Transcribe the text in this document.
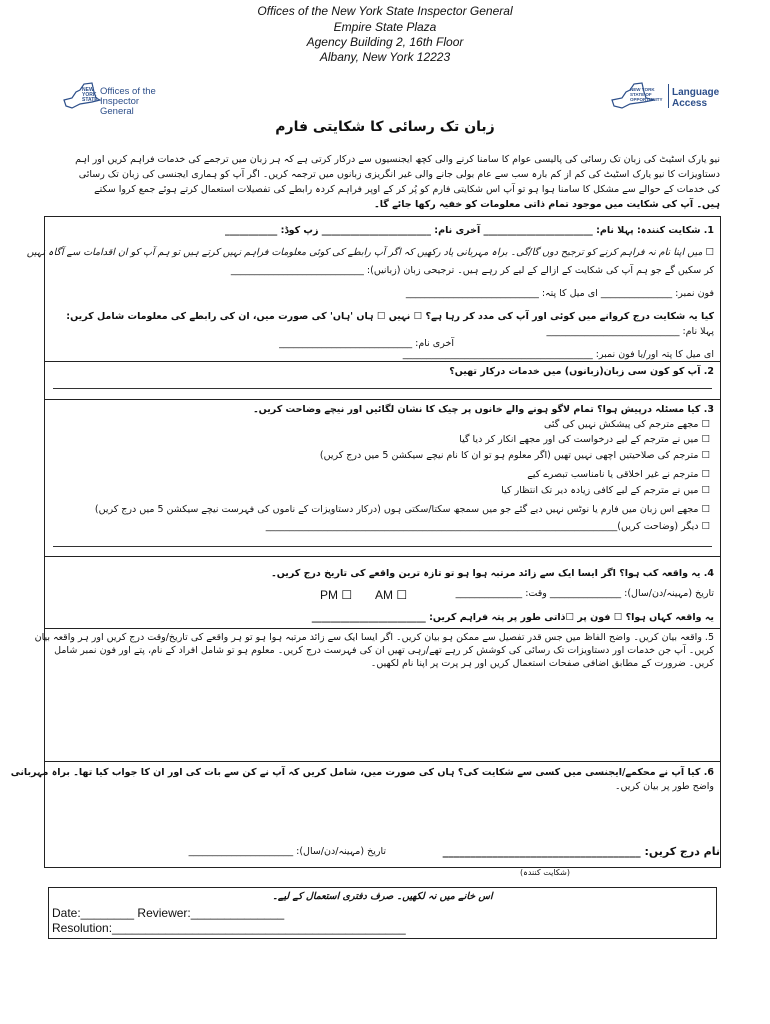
Offices of the New York State Inspector General
Empire State Plaza
Agency Building 2, 16th Floor
Albany, New York 12223
NEW YORK STATE
Offices of the Inspector General
NEW YORK STATE OF OPPORTUNITY
Language Access
زبان تک رسائی کا شکایتی فارم
نیو یارک اسٹیٹ کی زبان تک رسائی کی پالیسی عوام کا سامنا کرنے والی کچھ ایجنسیوں سے درکار کرتی ہے کہ ہر زبان میں ترجمے کی خدمات فراہم کریں اور اہم
دستاویزات کا نیو یارک اسٹیٹ کی کم از کم بارہ سب سے عام بولی جانے والی غیر انگریزی زبانوں میں ترجمہ کریں۔ اگر آپ کو ہماری ایجنسی کی زبان تک رسائی
کی خدمات کے حوالے سے مشکل کا سامنا ہوا ہو تو آپ اس شکایتی فارم کو پُر کر کے اوپر فراہم کردہ رابطے کی تفصیلات استعمال کرتے ہوئے جمع کروا سکتے
ہیں۔ آپ کی شکایت میں موجود تمام ذاتی معلومات کو خفیہ رکھا جائے گا۔
1. شکایت کنندہ: پہلا نام: _______________________ آخری نام: _______________________ زپ کوڈ: ___________
☐ میں اپنا نام نہ فراہم کرنے کو ترجیح دوں گا/گی۔ براہ مہربانی یاد رکھیں کہ اگر آپ رابطے کی کوئی معلومات فراہم نہیں کرتے ہیں تو ہم آپ کو ان اقدامات سے آگاہ نہیں
کر سکیں گے جو ہم آپ کی شکایت کے ازالے کے لیے کر رہے ہیں۔ ترجیحی زبان (زبانیں): ____________________________
فون نمبر: _______________ ای میل کا پتہ: ____________________________
کیا یہ شکایت درج کروانے میں کوئی اور آپ کی مدد کر رہا ہے؟ ☐ نہیں ☐ ہاں 'ہاں' کی صورت میں، ان کی رابطے کی معلومات شامل کریں:
پہلا نام: ____________________________
آخری نام: ____________________________
ای میل کا پتہ اور/یا فون نمبر: ________________________________________
2. آپ کو کون سی زبان(زبانوں) میں خدمات درکار تھیں؟
3. کیا مسئلہ درپیش ہوا؟ تمام لاگو ہونے والے خانوں پر چیک کا نشان لگائیں اور نیچے وضاحت کریں۔
☐ مجھے مترجم کی پیشکش نہیں کی گئی
☐ میں نے مترجم کے لیے درخواست کی اور مجھے انکار کر دیا گیا
☐ مترجم کی صلاحیتیں اچھی نہیں تھیں (اگر معلوم ہو تو ان کا نام نیچے سیکشن 5 میں درج کریں)
☐ مترجم نے غیر اخلاقی یا نامناسب تبصرے کیے
☐ میں نے مترجم کے لیے کافی زیادہ دیر تک انتظار کیا
☐ مجھے اس زبان میں فارم یا نوٹس نہیں دیے گئے جو میں سمجھ سکتا/سکتی ہوں (درکار دستاویزات کے ناموں کی فہرست نیچے سیکشن 5 میں درج کریں)
☐ دیگر (وضاحت کریں)__________________________________________________________________________
4. یہ واقعہ کب ہوا؟ اگر ایسا ایک سے زائد مرتبہ ہوا ہو تو تازہ ترین واقعے کی تاریخ درج کریں۔
تاریخ (مہینہ/دن/سال): _______________ وقت: ______________
AM ☐
PM ☐
یہ واقعہ کہاں ہوا؟ ☐ فون پر ☐ذاتی طور پر پتہ فراہم کریں: ________________________
5. واقعہ بیان کریں۔ واضح الفاظ میں جس قدر تفصیل سے ممکن ہو بیان کریں۔ اگر ایسا ایک سے زائد مرتبہ ہوا ہو تو ہر واقعے کی تاریخ/وقت درج کریں اور ہر واقعہ بیان
کریں۔ آپ جن خدمات اور دستاویزات تک رسائی کی کوشش کر رہے تھے/رہی تھیں ان کی فہرست درج کریں۔ معلوم ہو تو شامل افراد کے نام، پتے اور فون نمبر شامل
کریں۔ ضرورت کے مطابق اضافی صفحات استعمال کریں اور ہر پرت پر اپنا نام لکھیں۔
6. کیا آپ نے محکمے/ایجنسی میں کسی سے شکایت کی؟ ہاں کی صورت میں، شامل کریں کہ آپ نے کن سے بات کی اور ان کا جواب کیا تھا۔ براہ مہربانی
واضح طور پر بیان کریں۔
نام درج کریں: ____________________________________
تاریخ (مہینہ/دن/سال): ______________________
(شکایت کنندہ)
اس خانے میں نہ لکھیں۔ صرف دفتری استعمال کے لیے۔
Date:________ Reviewer:______________
Resolution:____________________________________________
